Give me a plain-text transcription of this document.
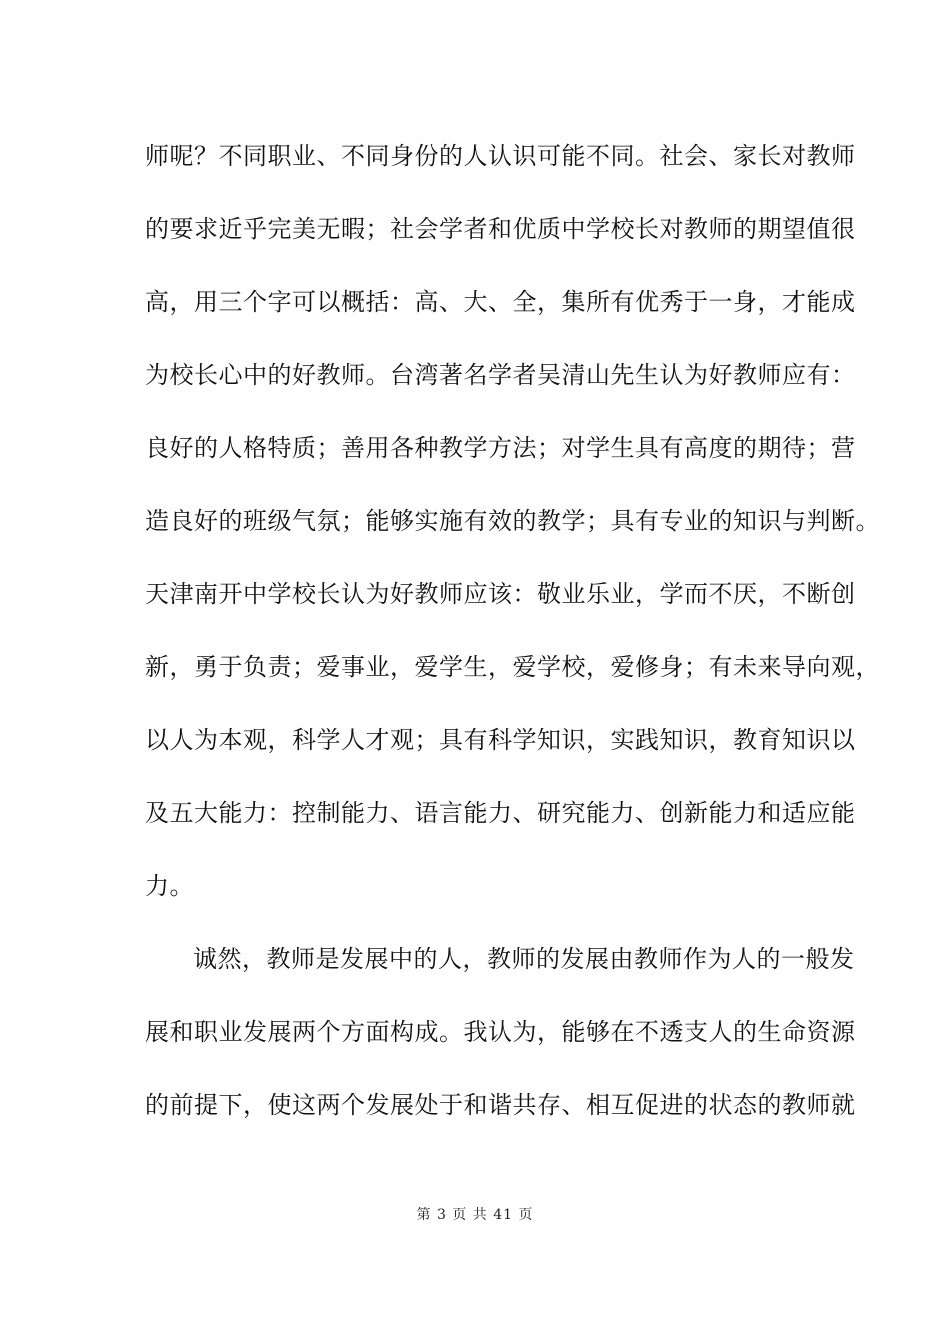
师呢？不同职业、不同身份的人认识可能不同。社会、家长对教师
的要求近乎完美无暇；社会学者和优质中学校长对教师的期望值很
高，用三个字可以概括：高、大、全，集所有优秀于一身，才能成
为校长心中的好教师。台湾著名学者吴清山先生认为好教师应有：
良好的人格特质；善用各种教学方法；对学生具有高度的期待；营
造良好的班级气氛；能够实施有效的教学；具有专业的知识与判断。
天津南开中学校长认为好教师应该：敬业乐业，学而不厌，不断创
新，勇于负责；爱事业，爱学生，爱学校，爱修身；有未来导向观，
以人为本观，科学人才观；具有科学知识，实践知识，教育知识以
及五大能力：控制能力、语言能力、研究能力、创新能力和适应能
力。
诚然，教师是发展中的人，教师的发展由教师作为人的一般发
展和职业发展两个方面构成。我认为，能够在不透支人的生命资源
的前提下，使这两个发展处于和谐共存、相互促进的状态的教师就
第 3 页 共 41 页
